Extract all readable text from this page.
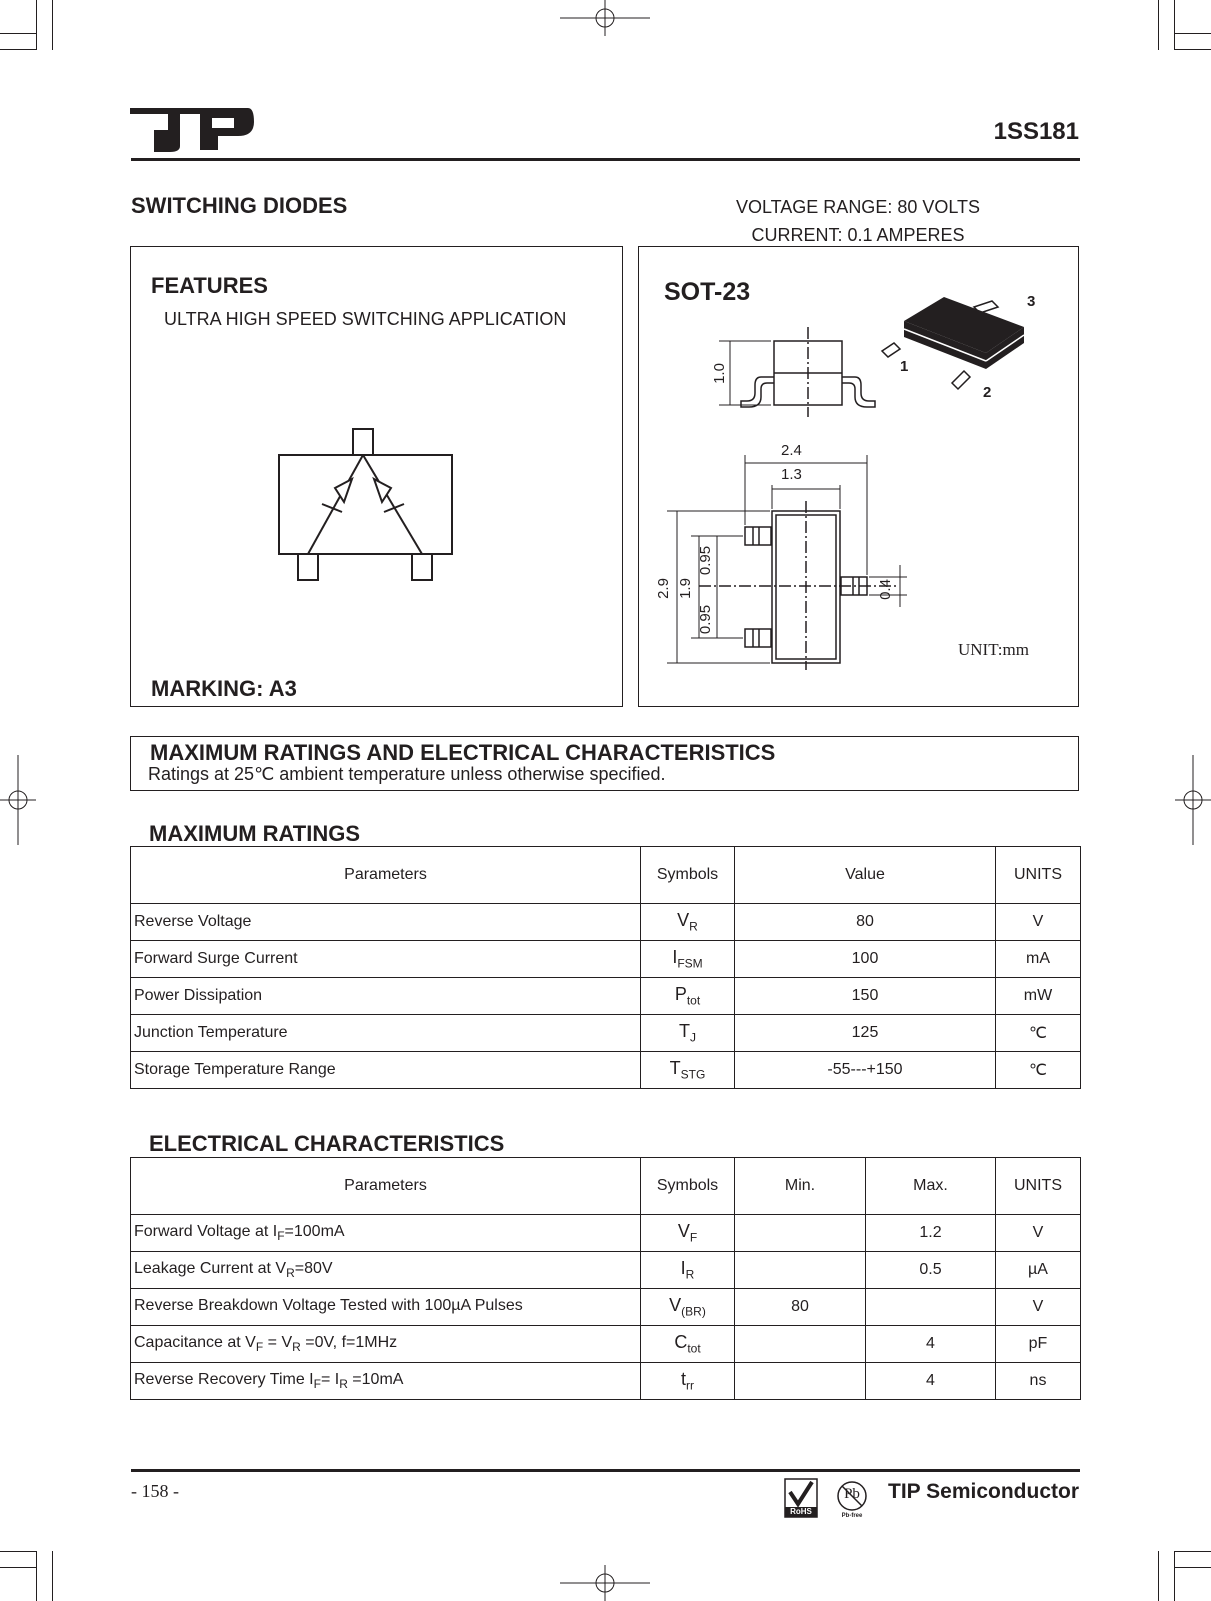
1SS181
SWITCHING DIODES	VOLTAGE RANGE: 80 VOLTS
CURRENT: 0.1 AMPERES
FEATURES
ULTRA HIGH SPEED SWITCHING APPLICATION
MARKING: A3
SOT-23	3
1
2
1.0
2.4
1.3
2.9 1.9
0.95
0.95
0.4
UNIT:mm
MAXIMUM RATINGS AND ELECTRICAL CHARACTERISTICS
Ratings at 25℃ ambient temperature unless otherwise specified.
MAXIMUM RATINGS
Parameters	Symbols	Value	UNITS
Reverse Voltage	$V_R$	80	V
Forward Surge Current	$I_{FSM}$	100	mA
Power Dissipation	$P_{tot}$	150	mW
Junction Temperature	$T_J$	125	℃
Storage Temperature Range	$T_{STG}$	-55---+150	℃
ELECTRICAL CHARACTERISTICS
Parameters	Symbols	Min.	Max.	UNITS
Forward Voltage at $I_F=100mA$	$V_F$		1.2	V
Leakage Current at $V_R=80V$	$I_R$		0.5	µA
Reverse Breakdown Voltage Tested with 100µA Pulses	$V_{(BR)}$	80		V
Capacitance at $V_F = V_R =0V$, f=1MHz	$C_{tot}$		4	pF
Reverse Recovery Time $I_F= I_R =10mA$	$t_{rr}$		4	ns
- 158 -
RoHS
Pb
Pb-free
TIP Semiconductor
